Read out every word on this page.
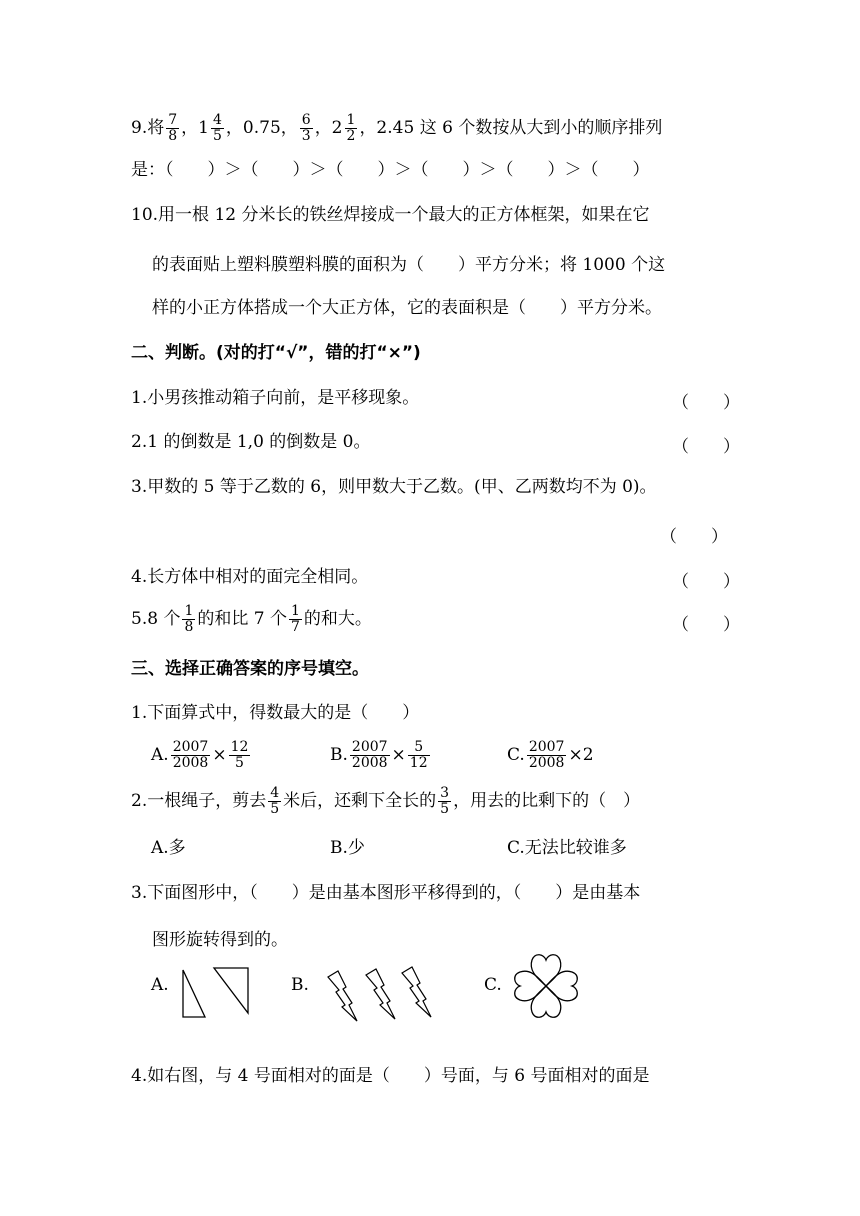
9.将 $\frac{7}{8}$ ，$1 \frac{4}{5}$ ，0.75， $\frac{6}{3}$ ，$2 \frac{1}{2}$ ，2.45 这 6 个数按从大到小的顺序排列
是：（　　）＞（　　）＞（　　）＞（　　）＞（　　）＞（　　）
10.用一根 12 分米长的铁丝焊接成一个最大的正方体框架，如果在它
的表面贴上塑料膜塑料膜的面积为（　　）平方分米；将 1000 个这
样的小正方体搭成一个大正方体，它的表面积是（　　）平方分米。
二、判断。(对的打“√”，错的打“×”)
1.小男孩推动箱子向前，是平移现象。	（　　）
2.1 的倒数是 1,0 的倒数是 0。	（　　）
3.甲数的 5 等于乙数的 6，则甲数大于乙数。(甲、乙两数均不为 0)。
（　　）
4.长方体中相对的面完全相同。	（　　）
5.8 个 $\frac{1}{8}$ 的和比 7 个 $\frac{1}{7}$ 的和大。	（　　）
三、选择正确答案的序号填空。
1.下面算式中，得数最大的是（　　）
A. $\frac{2007}{2008} \times \frac{12}{5}$	B. $\frac{2007}{2008} \times \frac{5}{12}$	C. $\frac{2007}{2008} \times 2$
2.一根绳子，剪去 $\frac{4}{5}$ 米后，还剩下全长的 $\frac{3}{5}$ ，用去的比剩下的（　）
A.多	B.少	C.无法比较谁多
3.下面图形中，（　　）是由基本图形平移得到的，（　　）是由基本
图形旋转得到的。
A.	B.	C.
4.如右图，与 4 号面相对的面是（　　）号面，与 6 号面相对的面是
